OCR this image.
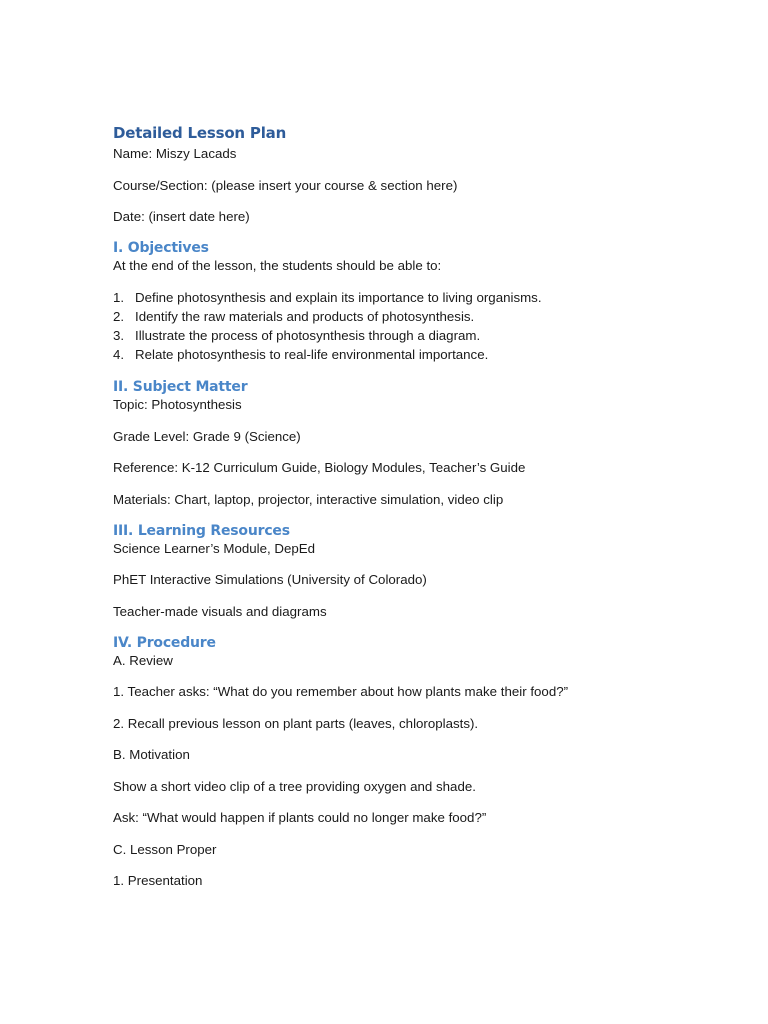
Detailed Lesson Plan

Name: Miszy Lacads

Course/Section: (please insert your course & section here)

Date: (insert date here)

I. Objectives

At the end of the lesson, the students should be able to:

1. Define photosynthesis and explain its importance to living organisms.
2. Identify the raw materials and products of photosynthesis.
3. Illustrate the process of photosynthesis through a diagram.
4. Relate photosynthesis to real-life environmental importance.
II. Subject Matter

Topic: Photosynthesis

Grade Level: Grade 9 (Science)

Reference: K-12 Curriculum Guide, Biology Modules, Teacher’s Guide

Materials: Chart, laptop, projector, interactive simulation, video clip

III. Learning Resources

Science Learner’s Module, DepEd

PhET Interactive Simulations (University of Colorado)

Teacher-made visuals and diagrams

IV. Procedure

A. Review

1. Teacher asks: “What do you remember about how plants make their food?”

2. Recall previous lesson on plant parts (leaves, chloroplasts).

B. Motivation

Show a short video clip of a tree providing oxygen and shade.

Ask: “What would happen if plants could no longer make food?”

C. Lesson Proper

1. Presentation
